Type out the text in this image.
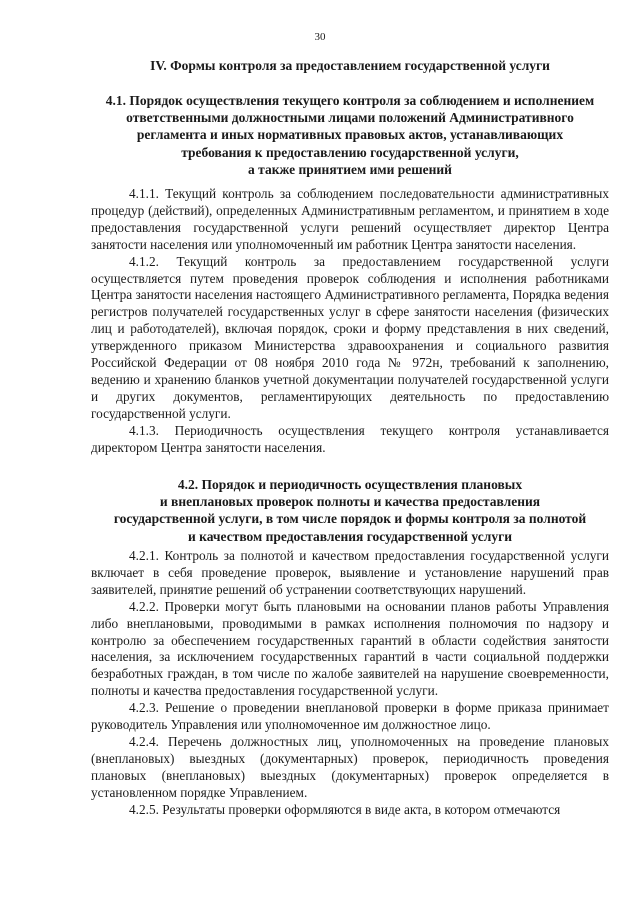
30
IV. Формы контроля за предоставлением государственной услуги
4.1. Порядок осуществления текущего контроля за соблюдением и исполнением
ответственными должностными лицами положений Административного
регламента и иных нормативных правовых актов, устанавливающих
требования к предоставлению государственной услуги,
а также принятием ими решений

4.1.1. Текущий контроль за соблюдением последовательности административных процедур (действий), определенных Административным регламентом, и принятием в ходе предоставления государственной услуги решений осуществляет директор Центра занятости населения или уполномоченный им работник Центра занятости населения.

4.1.2. Текущий контроль за предоставлением государственной услуги осуществляется путем проведения проверок соблюдения и исполнения работниками Центра занятости населения настоящего Административного регламента, Порядка ведения регистров получателей государственных услуг в сфере занятости населения (физических лиц и работодателей), включая порядок, сроки и форму представления в них сведений, утвержденного приказом Министерства здравоохранения и социального развития Российской Федерации от 08 ноября 2010 года № 972н, требований к заполнению, ведению и хранению бланков учетной документации получателей государственной услуги и других документов, регламентирующих деятельность по предоставлению государственной услуги.

4.1.3. Периодичность осуществления текущего контроля устанавливается директором Центра занятости населения.

4.2. Порядок и периодичность осуществления плановых
и внеплановых проверок полноты и качества предоставления
государственной услуги, в том числе порядок и формы контроля за полнотой
и качеством предоставления государственной услуги

4.2.1. Контроль за полнотой и качеством предоставления государственной услуги включает в себя проведение проверок, выявление и установление нарушений прав заявителей, принятие решений об устранении соответствующих нарушений.

4.2.2. Проверки могут быть плановыми на основании планов работы Управления либо внеплановыми, проводимыми в рамках исполнения полномочия по надзору и контролю за обеспечением государственных гарантий в области содействия занятости населения, за исключением государственных гарантий в части социальной поддержки безработных граждан, в том числе по жалобе заявителей на нарушение своевременности, полноты и качества предоставления государственной услуги.

4.2.3. Решение о проведении внеплановой проверки в форме приказа принимает руководитель Управления или уполномоченное им должностное лицо.

4.2.4. Перечень должностных лиц, уполномоченных на проведение плановых (внеплановых) выездных (документарных) проверок, периодичность проведения плановых (внеплановых) выездных (документарных) проверок определяется в установленном порядке Управлением.

4.2.5. Результаты проверки оформляются в виде акта, в котором отмечаются
